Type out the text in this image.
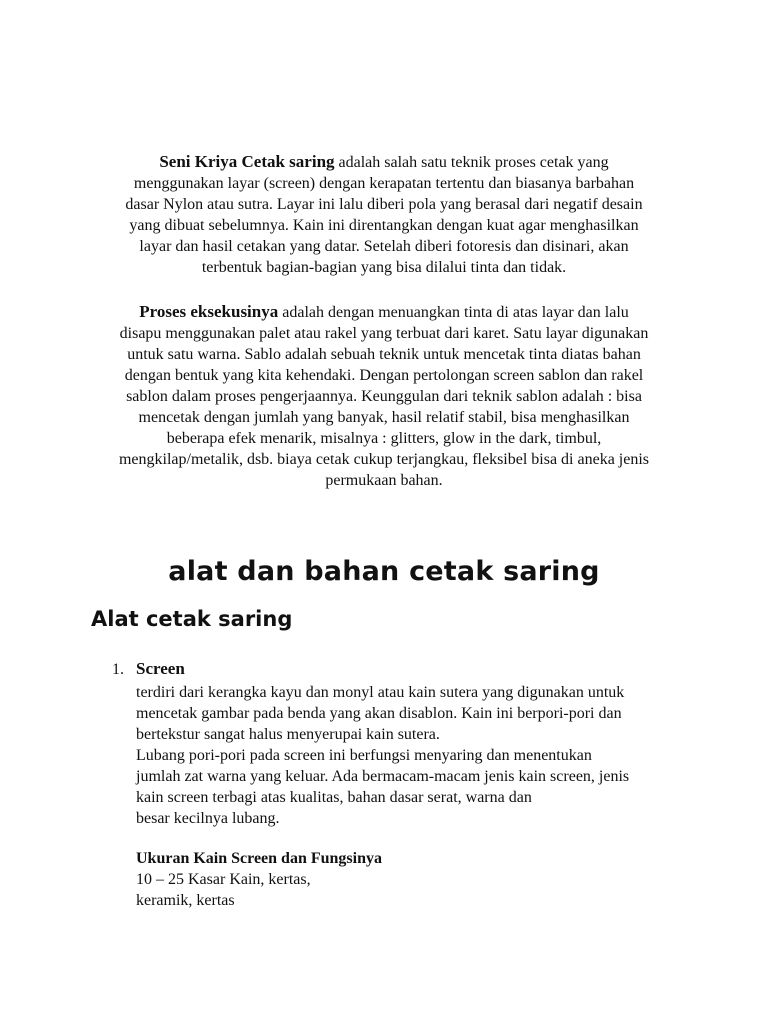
Seni Kriya Cetak saring adalah salah satu teknik proses cetak yang
menggunakan layar (screen) dengan kerapatan tertentu dan biasanya barbahan
dasar Nylon atau sutra. Layar ini lalu diberi pola yang berasal dari negatif desain
yang dibuat sebelumnya. Kain ini direntangkan dengan kuat agar menghasilkan
layar dan hasil cetakan yang datar. Setelah diberi fotoresis dan disinari, akan
terbentuk bagian-bagian yang bisa dilalui tinta dan tidak.

Proses eksekusinya adalah dengan menuangkan tinta di atas layar dan lalu
disapu menggunakan palet atau rakel yang terbuat dari karet. Satu layar digunakan
untuk satu warna. Sablo adalah sebuah teknik untuk mencetak tinta diatas bahan
dengan bentuk yang kita kehendaki. Dengan pertolongan screen sablon dan rakel
sablon dalam proses pengerjaannya. Keunggulan dari teknik sablon adalah : bisa
mencetak dengan jumlah yang banyak, hasil relatif stabil, bisa menghasilkan
beberapa efek menarik, misalnya : glitters, glow in the dark, timbul,
mengkilap/metalik, dsb. biaya cetak cukup terjangkau, fleksibel bisa di aneka jenis
permukaan bahan.

alat dan bahan cetak saring
Alat cetak saring
1. Screen

terdiri dari kerangka kayu dan monyl atau kain sutera yang digunakan untuk

mencetak gambar pada benda yang akan disablon. Kain ini berpori-pori dan

bertekstur sangat halus menyerupai kain sutera.

Lubang pori-pori pada screen ini berfungsi menyaring dan menentukan

jumlah zat warna yang keluar. Ada bermacam-macam jenis kain screen, jenis

kain screen terbagi atas kualitas, bahan dasar serat, warna dan

besar kecilnya lubang.

Ukuran Kain Screen dan Fungsinya

10 – 25 Kasar Kain, kertas,

keramik, kertas
